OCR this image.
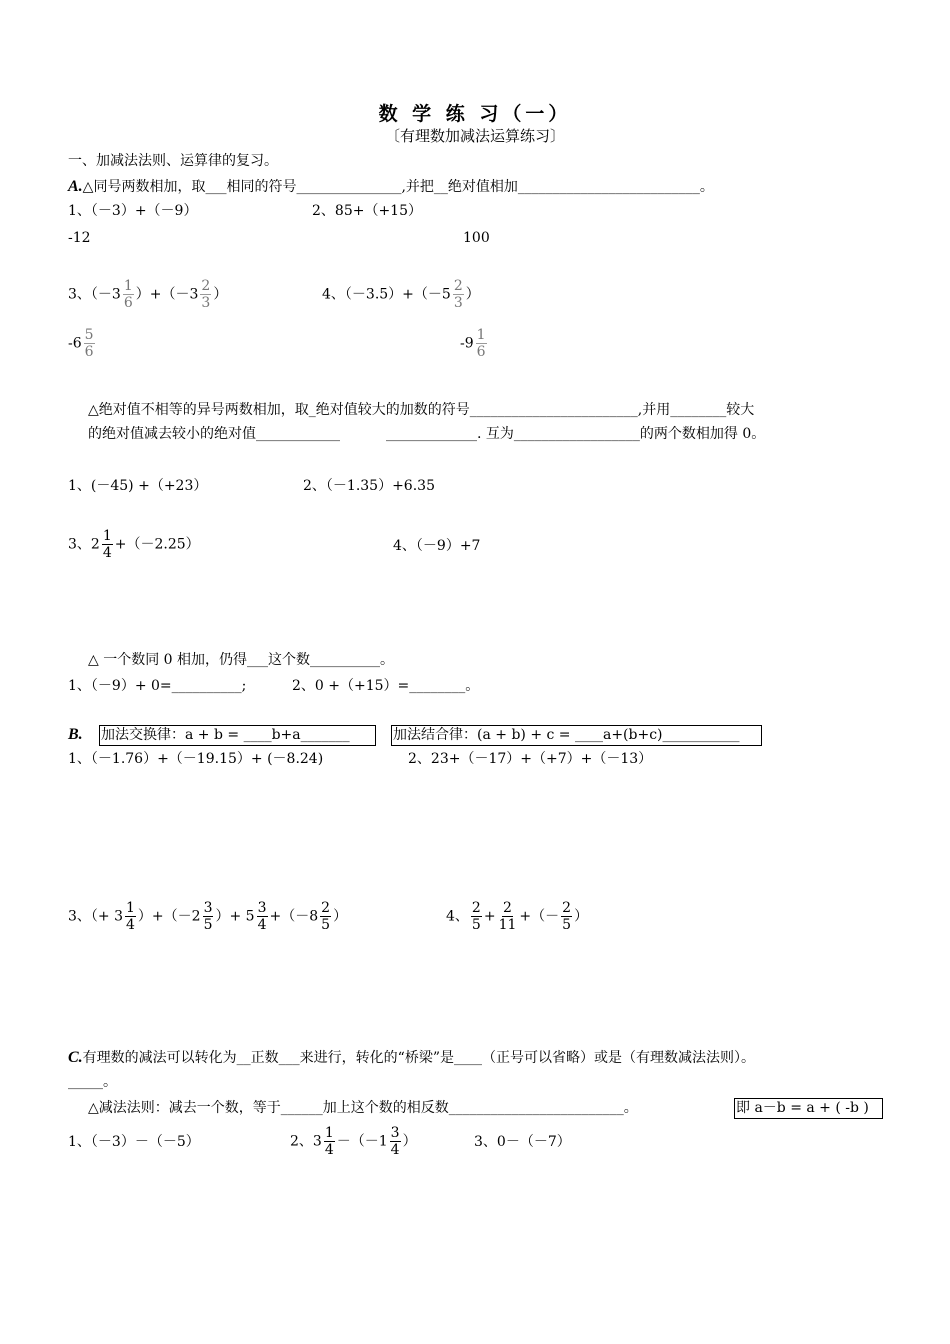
数 学 练 习（一）
〔有理数加减法运算练习〕
一、加减法法则、运算律的复习。
A.△同号两数相加，取___相同的符号_______________,并把__绝对值相加__________________________。
1、（－3）+（－9）	2、85+（+15）
-12	100
3、$(-3 \frac{1}{6} )+(-3 \frac{2}{3}$ ）	4、$(-3.5)+(-5 \frac{2}{3}$ ）
$-6 \frac{5}{6}$	$-9 \frac{1}{6}$
△绝对值不相等的异号两数相加，取_绝对值较大的加数的符号________________________,并用________较大
的绝对值减去较小的绝对值____________	_____________. 互为__________________的两个数相加得 0。
1、(－45) +（+23）	2、（－1.35）+6.35
3、$2 \frac{1}{4} +(-2.25)$	4、（－9）+7
△ 一个数同 0 相加，仍得___这个数__________。
1、（－9）+ 0=__________;	2、0 +（+15）=________。
B. 加法交换律：a + b = ____b+a_______	加法结合律：(a + b) + c = ____a+(b+c)___________
1、（－1.76）+（－19.15）+ (－8.24)	2、23+（－17）+（+7）+（－13）
3、（+ $3 \frac{1}{4} )+(-2 \frac{3}{5}$ ）+ $5 \frac{3}{4} +(-8 \frac{2}{5}$ ）	4、 $\frac{2}{5} + \frac{2}{11}$ +（－ $\frac{2}{5}$ ）
C.有理数的减法可以转化为__正数___来进行，转化的“桥梁”是____（正号可以省略）或是（有理数减法法则）。
_____。
△减法法则：减去一个数，等于______加上这个数的相反数_________________________。	即 a－b = a + ( -b )
1、（－3）－（－5）	2、$3 \frac{1}{4} -(-1 \frac{3}{4}$ ）	3、0－（－7）
